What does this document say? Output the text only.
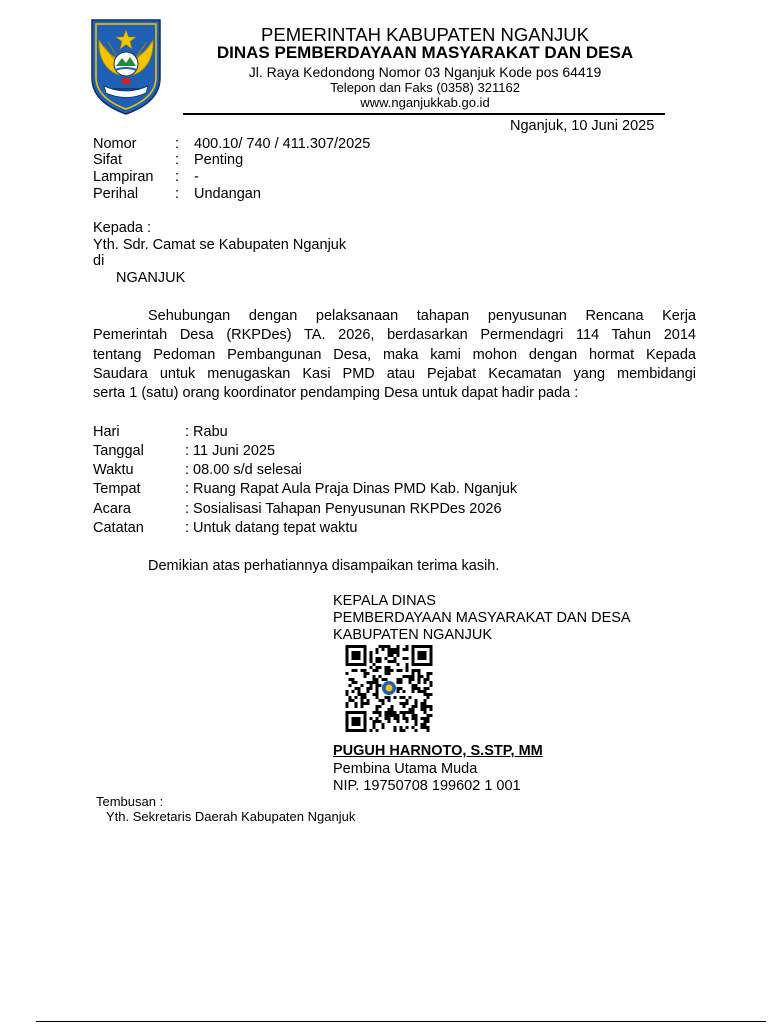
PEMERINTAH KABUPATEN NGANJUK
DINAS PEMBERDAYAAN MASYARAKAT DAN DESA
Jl. Raya Kedondong Nomor 03 Nganjuk Kode pos 64419
Telepon dan Faks (0358) 321162
www.nganjukkab.go.id
Nganjuk, 10 Juni 2025
Nomor	: 400.10/ 740 / 411.307/2025
Sifat	: Penting
Lampiran : -
Perihal	: Undangan
Kepada :
Yth. Sdr. Camat se Kabupaten Nganjuk
di
NGANJUK
Sehubungan dengan pelaksanaan tahapan penyusunan Rencana Kerja
Pemerintah Desa (RKPDes) TA. 2026, berdasarkan Permendagri 114 Tahun 2014
tentang Pedoman Pembangunan Desa, maka kami mohon dengan hormat Kepada
Saudara untuk menugaskan Kasi PMD atau Pejabat Kecamatan yang membidangi
serta 1 (satu) orang koordinator pendamping Desa untuk dapat hadir pada :
Hari	: Rabu
Tanggal	: 11 Juni 2025
Waktu	: 08.00 s/d selesai
Tempat	: Ruang Rapat Aula Praja Dinas PMD Kab. Nganjuk
Acara	: Sosialisasi Tahapan Penyusunan RKPDes 2026
Catatan	: Untuk datang tepat waktu
Demikian atas perhatiannya disampaikan terima kasih.
KEPALA DINAS
PEMBERDAYAAN MASYARAKAT DAN DESA
KABUPATEN NGANJUK
PUGUH HARNOTO, S.STP, MM
Pembina Utama Muda
NIP. 19750708 199602 1 001
Tembusan :
Yth. Sekretaris Daerah Kabupaten Nganjuk
